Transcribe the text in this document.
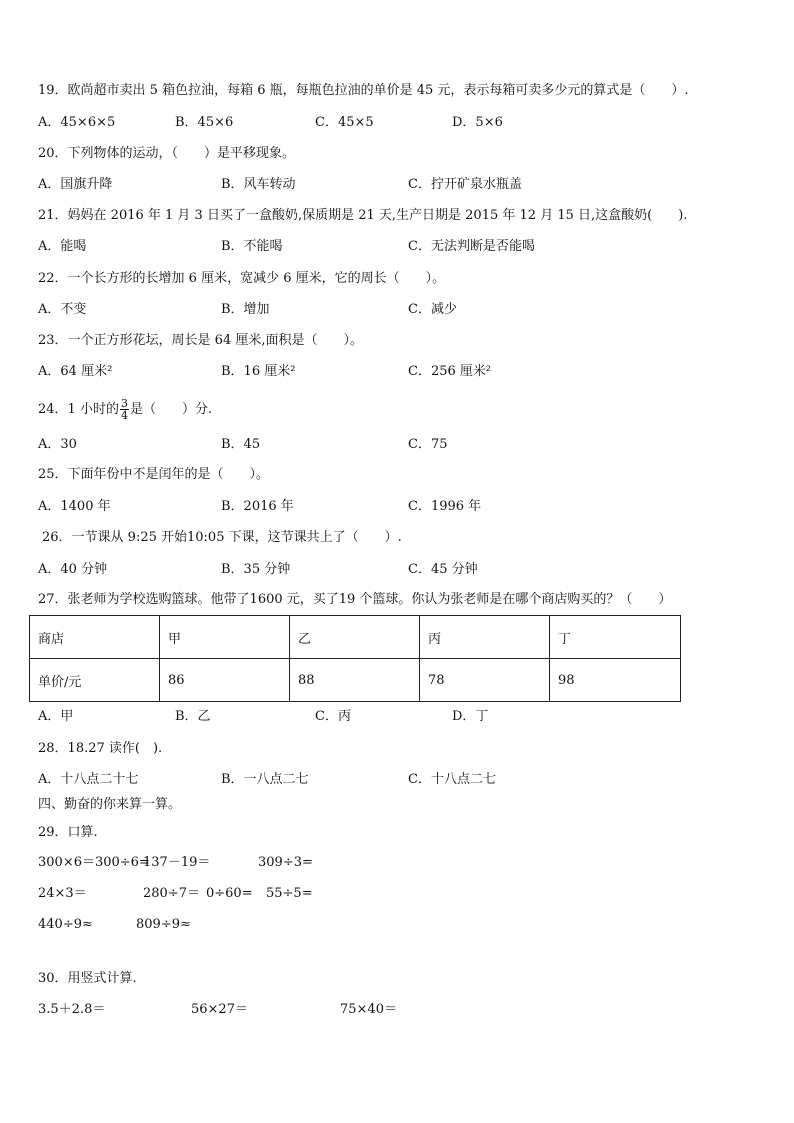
19．欧尚超市卖出 5 箱色拉油，每箱 6 瓶，每瓶色拉油的单价是 45 元，表示每箱可卖多少元的算式是（　　）.
A．45×6×5	B．45×6	C．45×5	D．5×6
20．下列物体的运动，（　　）是平移现象。
A．国旗升降	B．风车转动	C．拧开矿泉水瓶盖
21．妈妈在 2016 年 1 月 3 日买了一盒酸奶,保质期是 21 天,生产日期是 2015 年 12 月 15 日,这盒酸奶(　　).
A．能喝	B．不能喝	C．无法判断是否能喝
22．一个长方形的长增加 6 厘米，宽减少 6 厘米，它的周长（　　）。
A．不变	B．增加	C．减少
23．一个正方形花坛，周长是 64 厘米,面积是（　　）。
A．64 厘米²	B．16 厘米²	C．256 厘米²
24．1 小时的 $\frac{3}{4}$ 是（　　）分.
A．30	B．45	C．75
25．下面年份中不是闰年的是（　　）。
A．1400 年	B．2016 年	C．1996 年
26．一节课从 9:25 开始10:05 下课，这节课共上了（　　）.
A．40 分钟	B．35 分钟	C．45 分钟
27．张老师为学校选购篮球。他带了1600 元，买了19 个篮球。你认为张老师是在哪个商店购买的？（　　）
商店	甲	乙	丙	丁
单价/元	86	88	78	98
A．甲	B．乙	C．丙	D．丁
28．18.27 读作(　).
A．十八点二十七	B．一八点二七	C．十八点二七
四、勤奋的你来算一算。
29．口算.
300×6＝300÷6=
137－19＝	309÷3=
24×3＝	280÷7＝ 0÷60= 55÷5=
440÷9≈	809÷9≈
30．用竖式计算.
3.5＋2.8＝	56×27＝	75×40＝
